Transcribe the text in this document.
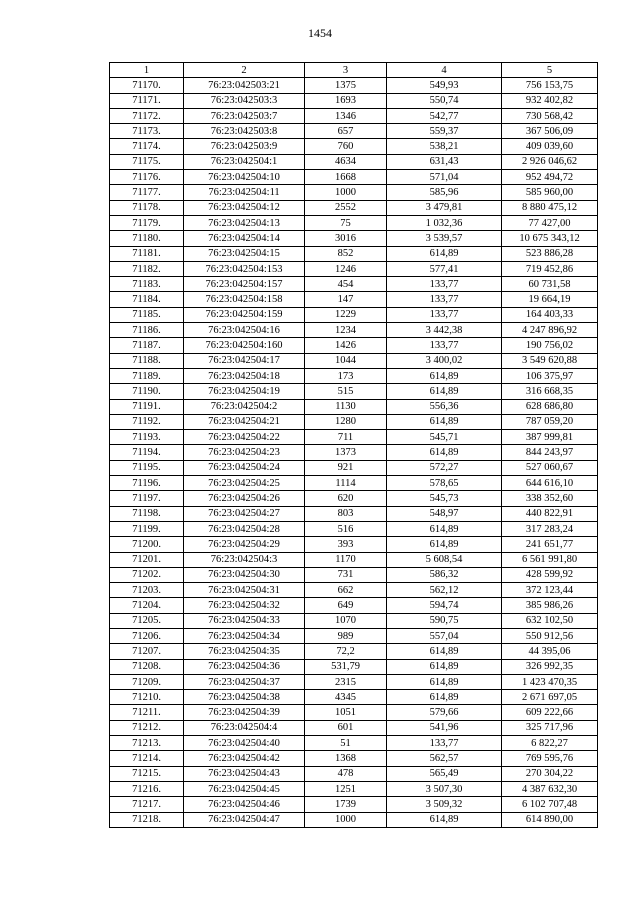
1454
1	2	3	4	5
71170.	76:23:042503:21	1375	549,93	756 153,75
71171.	76:23:042503:3	1693	550,74	932 402,82
71172.	76:23:042503:7	1346	542,77	730 568,42
71173.	76:23:042503:8	657	559,37	367 506,09
71174.	76:23:042503:9	760	538,21	409 039,60
71175.	76:23:042504:1	4634	631,43	2 926 046,62
71176.	76:23:042504:10	1668	571,04	952 494,72
71177.	76:23:042504:11	1000	585,96	585 960,00
71178.	76:23:042504:12	2552	3 479,81	8 880 475,12
71179.	76:23:042504:13	75	1 032,36	77 427,00
71180.	76:23:042504:14	3016	3 539,57	10 675 343,12
71181.	76:23:042504:15	852	614,89	523 886,28
71182.	76:23:042504:153	1246	577,41	719 452,86
71183.	76:23:042504:157	454	133,77	60 731,58
71184.	76:23:042504:158	147	133,77	19 664,19
71185.	76:23:042504:159	1229	133,77	164 403,33
71186.	76:23:042504:16	1234	3 442,38	4 247 896,92
71187.	76:23:042504:160	1426	133,77	190 756,02
71188.	76:23:042504:17	1044	3 400,02	3 549 620,88
71189.	76:23:042504:18	173	614,89	106 375,97
71190.	76:23:042504:19	515	614,89	316 668,35
71191.	76:23:042504:2	1130	556,36	628 686,80
71192.	76:23:042504:21	1280	614,89	787 059,20
71193.	76:23:042504:22	711	545,71	387 999,81
71194.	76:23:042504:23	1373	614,89	844 243,97
71195.	76:23:042504:24	921	572,27	527 060,67
71196.	76:23:042504:25	1114	578,65	644 616,10
71197.	76:23:042504:26	620	545,73	338 352,60
71198.	76:23:042504:27	803	548,97	440 822,91
71199.	76:23:042504:28	516	614,89	317 283,24
71200.	76:23:042504:29	393	614,89	241 651,77
71201.	76:23:042504:3	1170	5 608,54	6 561 991,80
71202.	76:23:042504:30	731	586,32	428 599,92
71203.	76:23:042504:31	662	562,12	372 123,44
71204.	76:23:042504:32	649	594,74	385 986,26
71205.	76:23:042504:33	1070	590,75	632 102,50
71206.	76:23:042504:34	989	557,04	550 912,56
71207.	76:23:042504:35	72,2	614,89	44 395,06
71208.	76:23:042504:36	531,79	614,89	326 992,35
71209.	76:23:042504:37	2315	614,89	1 423 470,35
71210.	76:23:042504:38	4345	614,89	2 671 697,05
71211.	76:23:042504:39	1051	579,66	609 222,66
71212.	76:23:042504:4	601	541,96	325 717,96
71213.	76:23:042504:40	51	133,77	6 822,27
71214.	76:23:042504:42	1368	562,57	769 595,76
71215.	76:23:042504:43	478	565,49	270 304,22
71216.	76:23:042504:45	1251	3 507,30	4 387 632,30
71217.	76:23:042504:46	1739	3 509,32	6 102 707,48
71218.	76:23:042504:47	1000	614,89	614 890,00
